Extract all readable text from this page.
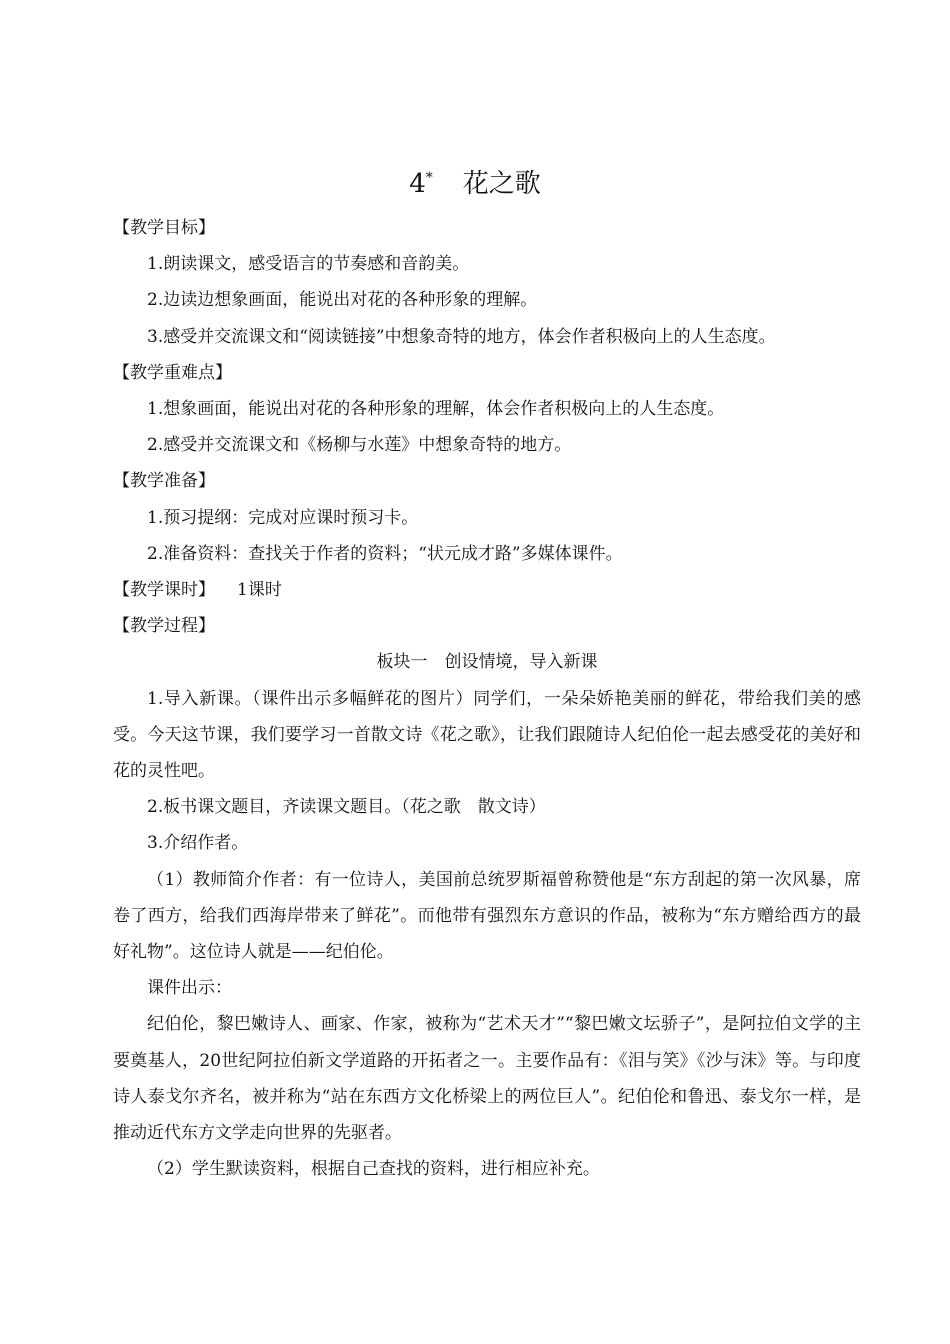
4* 花之歌

【教学目标】

1.朗读课文，感受语言的节奏感和音韵美。

2.边读边想象画面，能说出对花的各种形象的理解。

3.感受并交流课文和“阅读链接”中想象奇特的地方，体会作者积极向上的人生态度。

【教学重难点】

1.想象画面，能说出对花的各种形象的理解，体会作者积极向上的人生态度。

2.感受并交流课文和《杨柳与水莲》中想象奇特的地方。

【教学准备】

1.预习提纲：完成对应课时预习卡。

2.准备资料：查找关于作者的资料；“状元成才路”多媒体课件。

【教学课时】 1课时

【教学过程】

板块一　创设情境，导入新课

1.导入新课。（课件出示多幅鲜花的图片）同学们，一朵朵娇艳美丽的鲜花，带给我们美的感受。今天这节课，我们要学习一首散文诗《花之歌》，让我们跟随诗人纪伯伦一起去感受花的美好和花的灵性吧。

2.板书课文题目，齐读课文题目。（花之歌　散文诗）

3.介绍作者。

（1）教师简介作者：有一位诗人，美国前总统罗斯福曾称赞他是“东方刮起的第一次风暴，席卷了西方，给我们西海岸带来了鲜花”。而他带有强烈东方意识的作品，被称为“东方赠给西方的最好礼物”。这位诗人就是——纪伯伦。

课件出示：

纪伯伦，黎巴嫩诗人、画家、作家，被称为“艺术天才”“黎巴嫩文坛骄子”，是阿拉伯文学的主要奠基人，20世纪阿拉伯新文学道路的开拓者之一。主要作品有：《泪与笑》《沙与沫》等。与印度诗人泰戈尔齐名，被并称为“站在东西方文化桥梁上的两位巨人”。纪伯伦和鲁迅、泰戈尔一样，是推动近代东方文学走向世界的先驱者。

（2）学生默读资料，根据自己查找的资料，进行相应补充。
